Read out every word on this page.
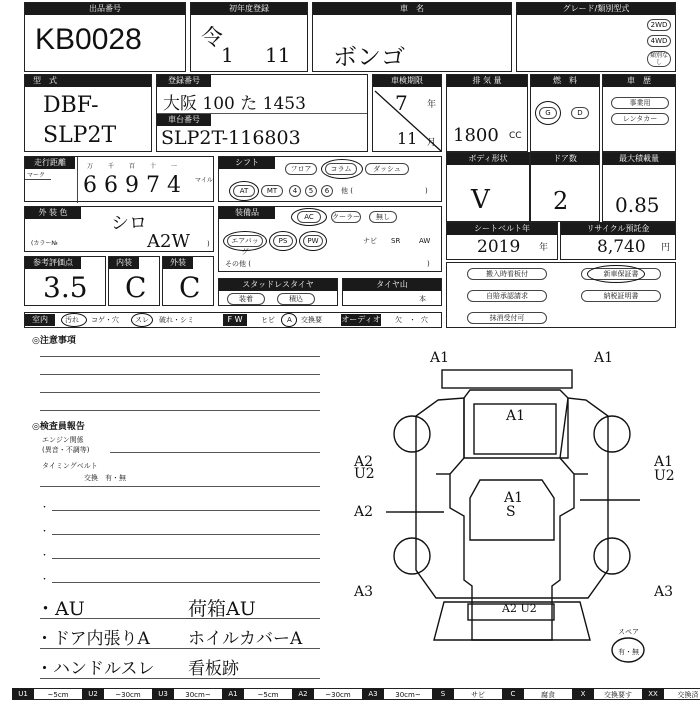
出品番号
KB0028
初年度登録
令
1 11
車　名
ボンゴ
グレード/類別型式
2WD
4WD
類別なし
型　式
DBF-
SLP2T
登録番号
大阪 100 た 1453
車台番号
SLP2T-116803
車検期限
7 年
11 月
排 気 量
1800 CC
燃　料
G	D
車　歴
事業用
レンタカー
走行距離
マーク
万
6
千
6
百
9
十
7
一
4 マイル
シフト
フロア	コラム	ダッシュ
AT	MT	4	5	6	他 (	)
ボディ形状
V
ドア数
2
最大積載量
0.85
外 装 色
シロ
(カラー№	A2W )
装備品	AC	クーラー	無し
エアバッグ
PS	PW	ナビ SR	AW
その他 (	)
シートベルト年
2019 年
リサイクル預託金
8,740 円
参考評価点
3.5
内装
C
外装
C	スタッドレスタイヤ
装着	積込
タイヤ山
本
搬入時看板付	新車保証書
自賠承認請求	納税証明書
抹消受付可
室内	汚れ コゲ・穴 スレ 破れ・シミ	F W	ヒビ A 交換要 オーディオ 欠 ・ 穴
◎注意事項
◎検査員報告
エンジン関係
(異音・不調等)
タイミングベルト
交換　有・無
・
・
・
・
・AU	荷箱AU
・ドア内張りA ホイルカバーA
・ハンドルスレ 看板跡
A1	A1
A1
A2
U2
A1
U2
A2
A1
S
A3	A3
A2 U2
スペア
有・無
U1	~5cm	U2	~30cm	U3	30cm~	A1	~5cm	A2	~30cm	A3	30cm~	S	サビ	C	腐食	X	交換要す	XX	交換済
